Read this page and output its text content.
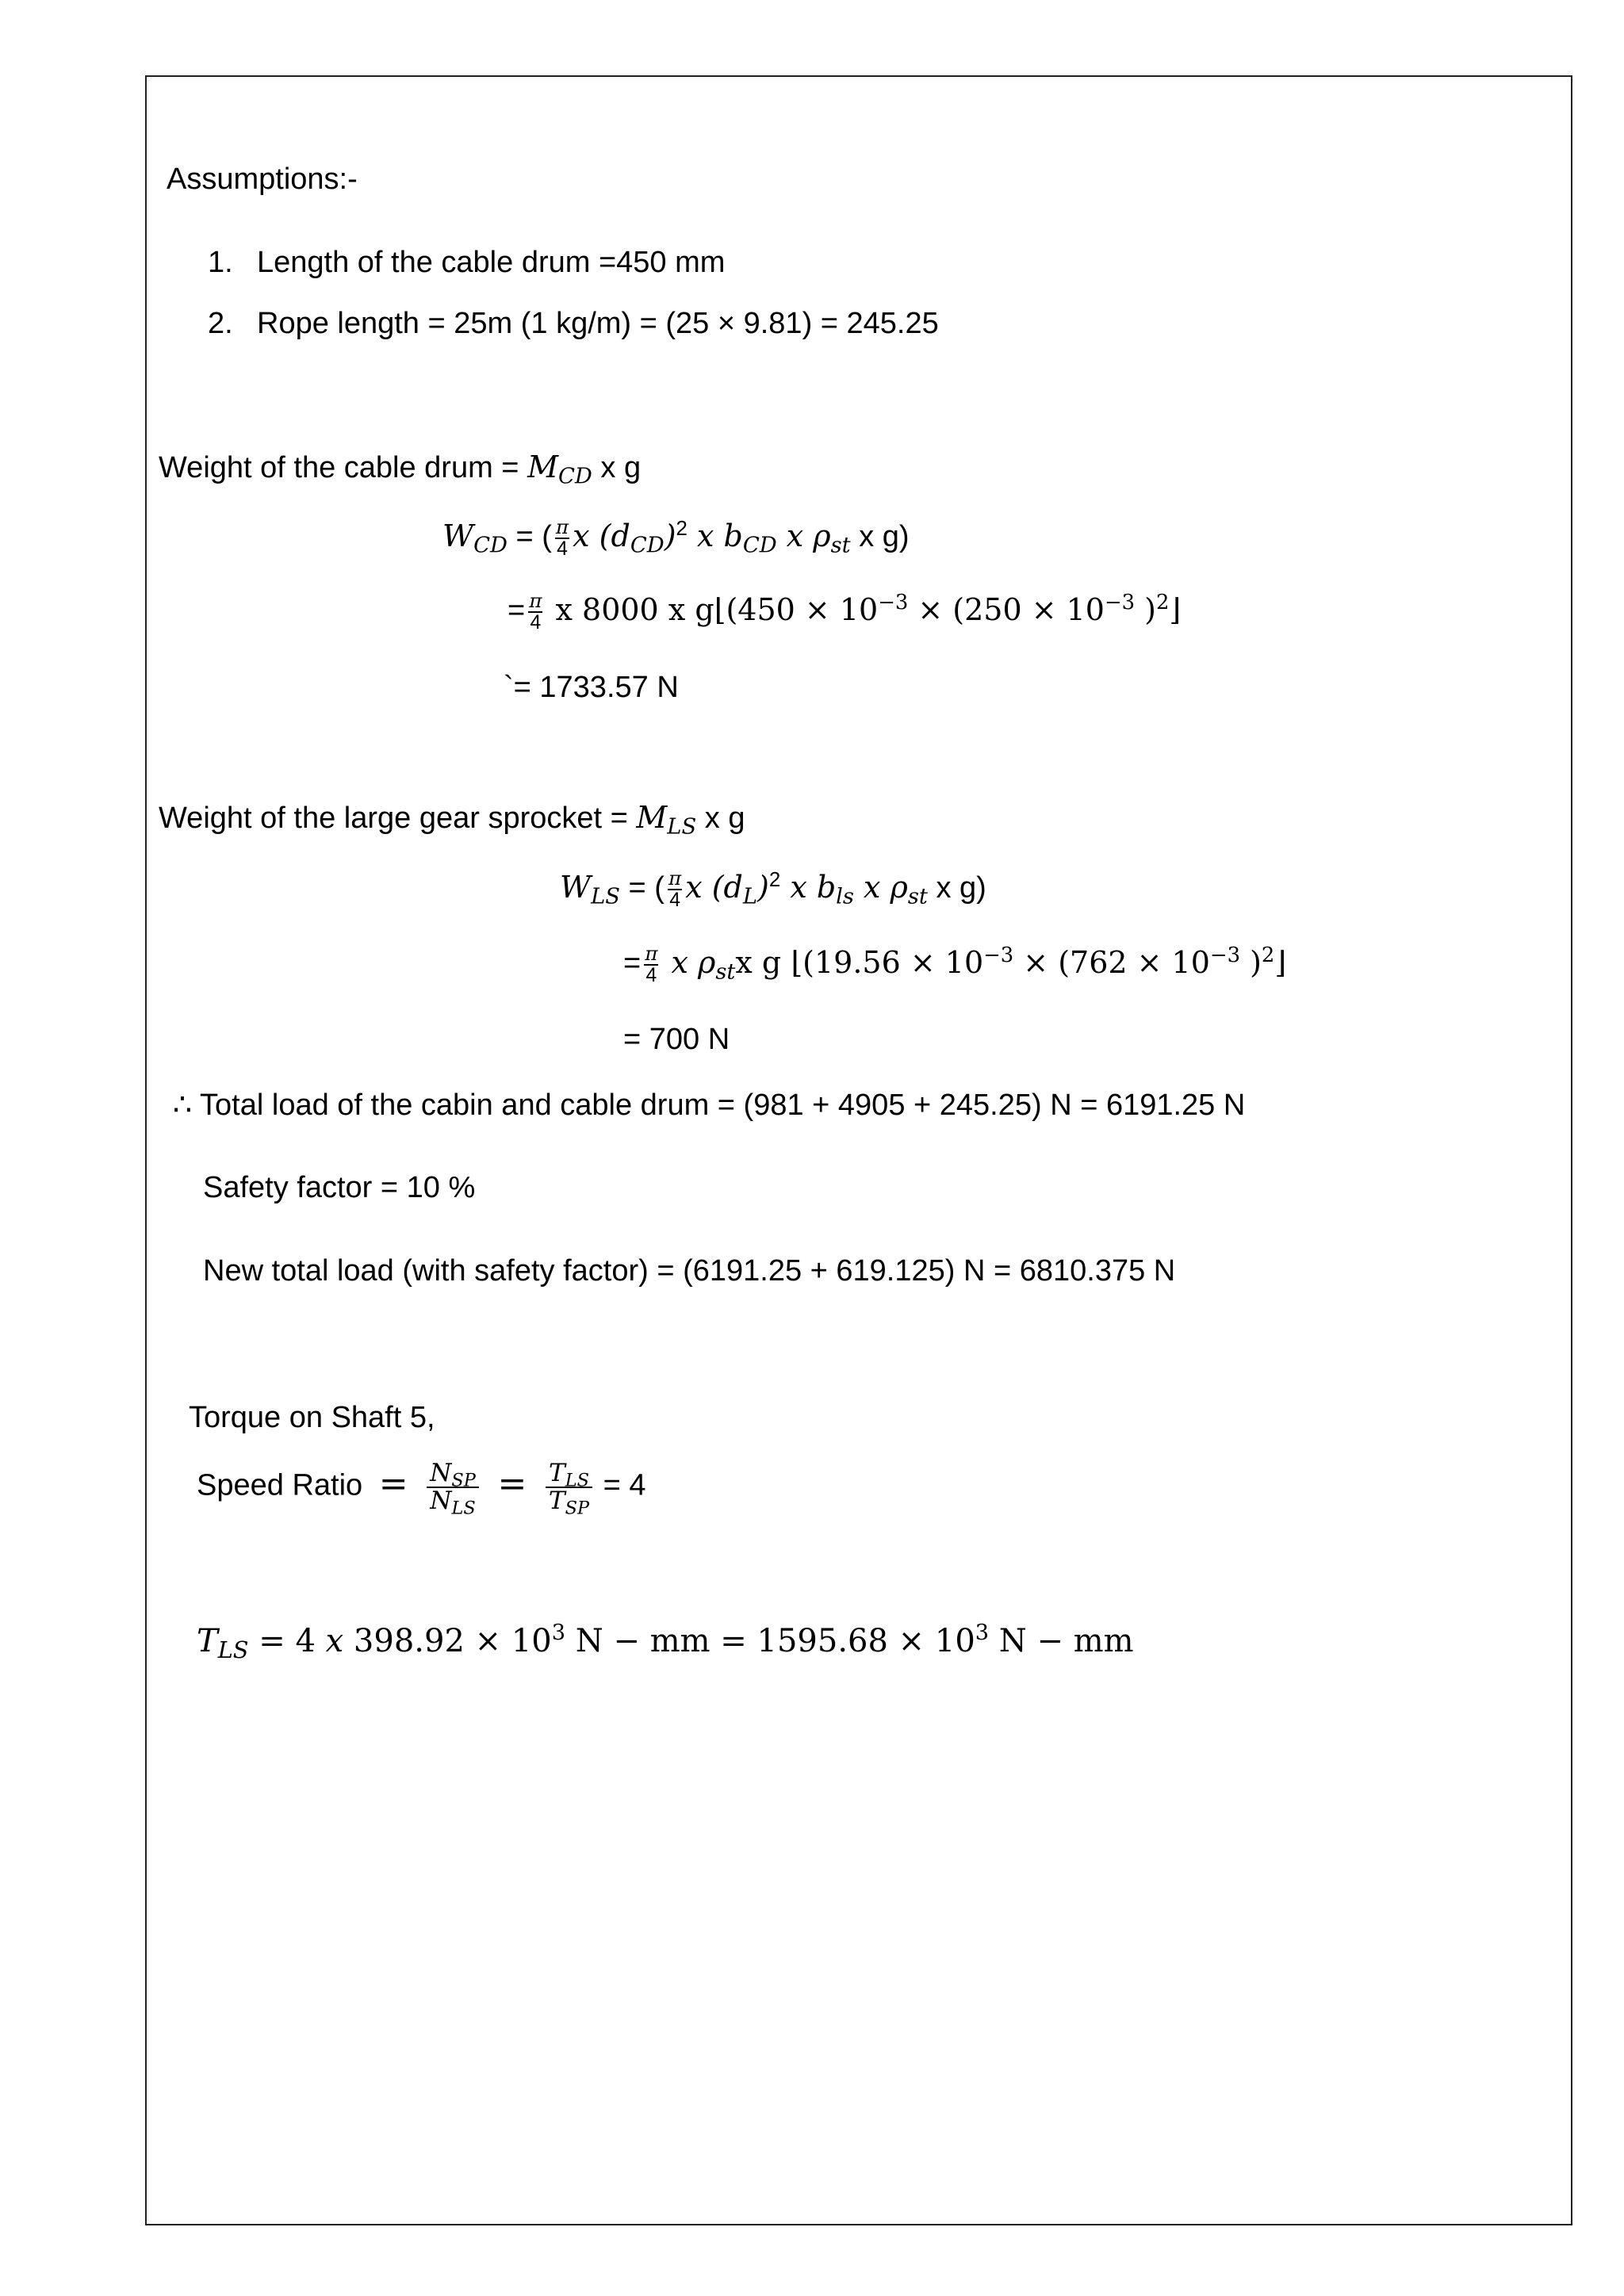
Assumptions:-
1. Length of the cable drum =450 mm
2. Rope length = 25m (1 kg/m) = (25 × 9.81) = 245.25
Weight of the cable drum = $M_{CD}$ x g
$W_{CD}$ = ( $\frac{\pi}{4}$ x $(d_{CD})^2$ x $b_{CD}$ x $\rho_{st}$ x g)
= $\frac{\pi}{4}$ x 8000 x g⌊(450 × $10^{-3} \times (250 \times 10^{-3}$ )$^2$⌋
`= 1733.57 N
Weight of the large gear sprocket = $M_{LS}$ x g
$W_{LS}$ = ( $\frac{\pi}{4}$ x $(d_L)^2$ x $b_{ls}$ x $\rho_{st}$ x g)
= $\frac{\pi}{4}$ x $\rho_{st}x$ g ⌊(19.56 × $10^{-3} \times (762 \times 10^{-3}$ )$^2$⌋
= 700 N
∴ Total load of the cabin and cable drum = (981 + 4905 + 245.25) N = 6191.25 N
Safety factor = 10 %
New total load (with safety factor) = (6191.25 + 619.125) N = 6810.375 N
Torque on Shaft 5,
Speed Ratio = $\frac{N_{SP}}{N_{LS}} = \frac{T_{LS}}{T_{SP}} = 4$
$T_{LS} = 4$ x $398.92 \times 10^3$ N − mm = $1595.68 \times 10^3$ N − mm
